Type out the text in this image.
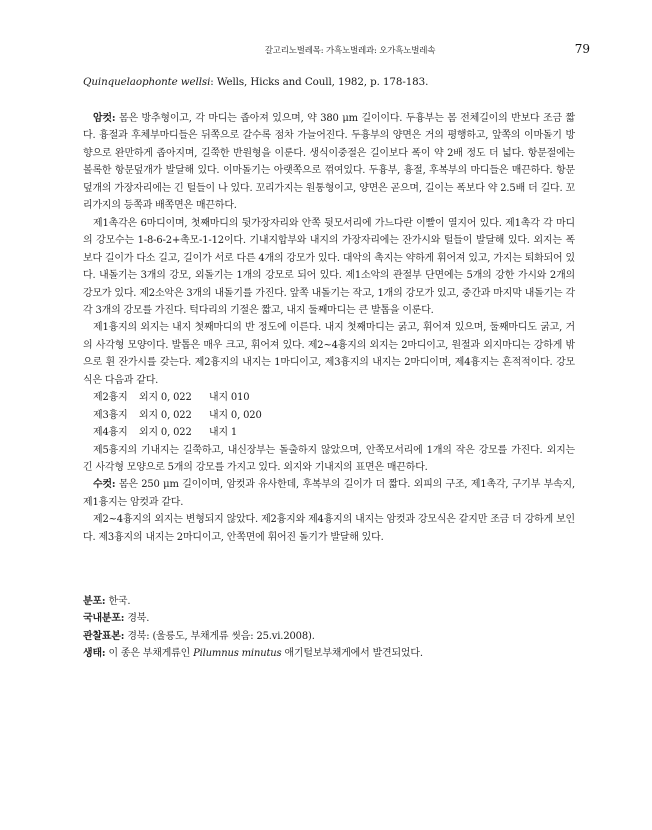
갈고리노벌레목: 가흑노벌레과: 오가흑노벌레속	79
Quinquelaophonte wellsi: Wells, Hicks and Coull, 1982, p. 178-183.

암컷: 몸은 방추형이고, 각 마디는 좁아져 있으며, 약 380 μm 길이이다. 두흉부는 몸 전체길이의 반보다 조금 짧다. 흉절과 후체부마디들은 뒤쪽으로 갈수록 점차 가늘어진다. 두흉부의 양면은 거의 평행하고, 앞쪽의 이마돌기 방향으로 완만하게 좁아지며, 길쭉한 반원형을 이룬다. 생식이중절은 길이보다 폭이 약 2배 정도 더 넓다. 항문절에는 볼록한 항문덮개가 발달해 있다. 이마돌기는 아랫쪽으로 꺾여있다. 두흉부, 흉절, 후복부의 마디들은 매끈하다. 항문덮개의 가장자리에는 긴 털들이 나 있다. 꼬리가지는 원통형이고, 양면은 곧으며, 길이는 폭보다 약 2.5배 더 길다. 꼬리가지의 등쪽과 배쪽면은 매끈하다.

제1촉각은 6마디이며, 첫째마디의 뒷가장자리와 안쪽 뒷모서리에 가느다란 이빨이 열지어 있다. 제1촉각 각 마디의 강모수는 1-8-6-2+촉모-1-12이다. 기내지합부와 내지의 가장자리에는 잔가시와 털들이 발달해 있다. 외지는 폭보다 길이가 다소 길고, 길이가 서로 다른 4개의 강모가 있다. 대악의 촉지는 약하게 휘어져 있고, 가지는 퇴화되어 있다. 내돌기는 3개의 강모, 외돌기는 1개의 강모로 되어 있다. 제1소악의 관절부 단면에는 5개의 강한 가시와 2개의 강모가 있다. 제2소악은 3개의 내돌기를 가진다. 앞쪽 내돌기는 작고, 1개의 강모가 있고, 중간과 마지막 내돌기는 각각 3개의 강모를 가진다. 턱다리의 기절은 짧고, 내지 둘째마디는 큰 발톱을 이룬다.

제1흉지의 외지는 내지 첫째마디의 반 정도에 이른다. 내지 첫째마디는 굵고, 휘어져 있으며, 둘째마디도 굵고, 거의 사각형 모양이다. 발톱은 매우 크고, 휘어져 있다. 제2~4흉지의 외지는 2마디이고, 원절과 외지마디는 강하게 밖으로 휜 잔가시를 갖는다. 제2흉지의 내지는 1마디이고, 제3흉지의 내지는 2마디이며, 제4흉지는 흔적적이다. 강모식은 다음과 같다.

제2흉지 외지 0, 022 내지 010
제3흉지 외지 0, 022 내지 0, 020
제4흉지 외지 0, 022 내지 1

제5흉지의 기내지는 길쭉하고, 내신장부는 돌출하지 않았으며, 안쪽모서리에 1개의 작은 강모를 가진다. 외지는 긴 사각형 모양으로 5개의 강모를 가지고 있다. 외지와 기내지의 표면은 매끈하다.

수컷: 몸은 250 μm 길이이며, 암컷과 유사한데, 후복부의 길이가 더 짧다. 외피의 구조, 제1촉각, 구기부 부속지, 제1흉지는 암컷과 같다.

제2~4흉지의 외지는 변형되지 않았다. 제2흉지와 제4흉지의 내지는 암컷과 강모식은 같지만 조금 더 강하게 보인다. 제3흉지의 내지는 2마디이고, 안쪽면에 휘어진 돌기가 발달해 있다.

분포: 한국.

국내분포: 경북.

관찰표본: 경북: (울릉도, 부채게류 씻음: 25.vi.2008).

생태: 이 종은 부채게류인 Pilumnus minutus 애기털보부채게에서 발견되었다.
